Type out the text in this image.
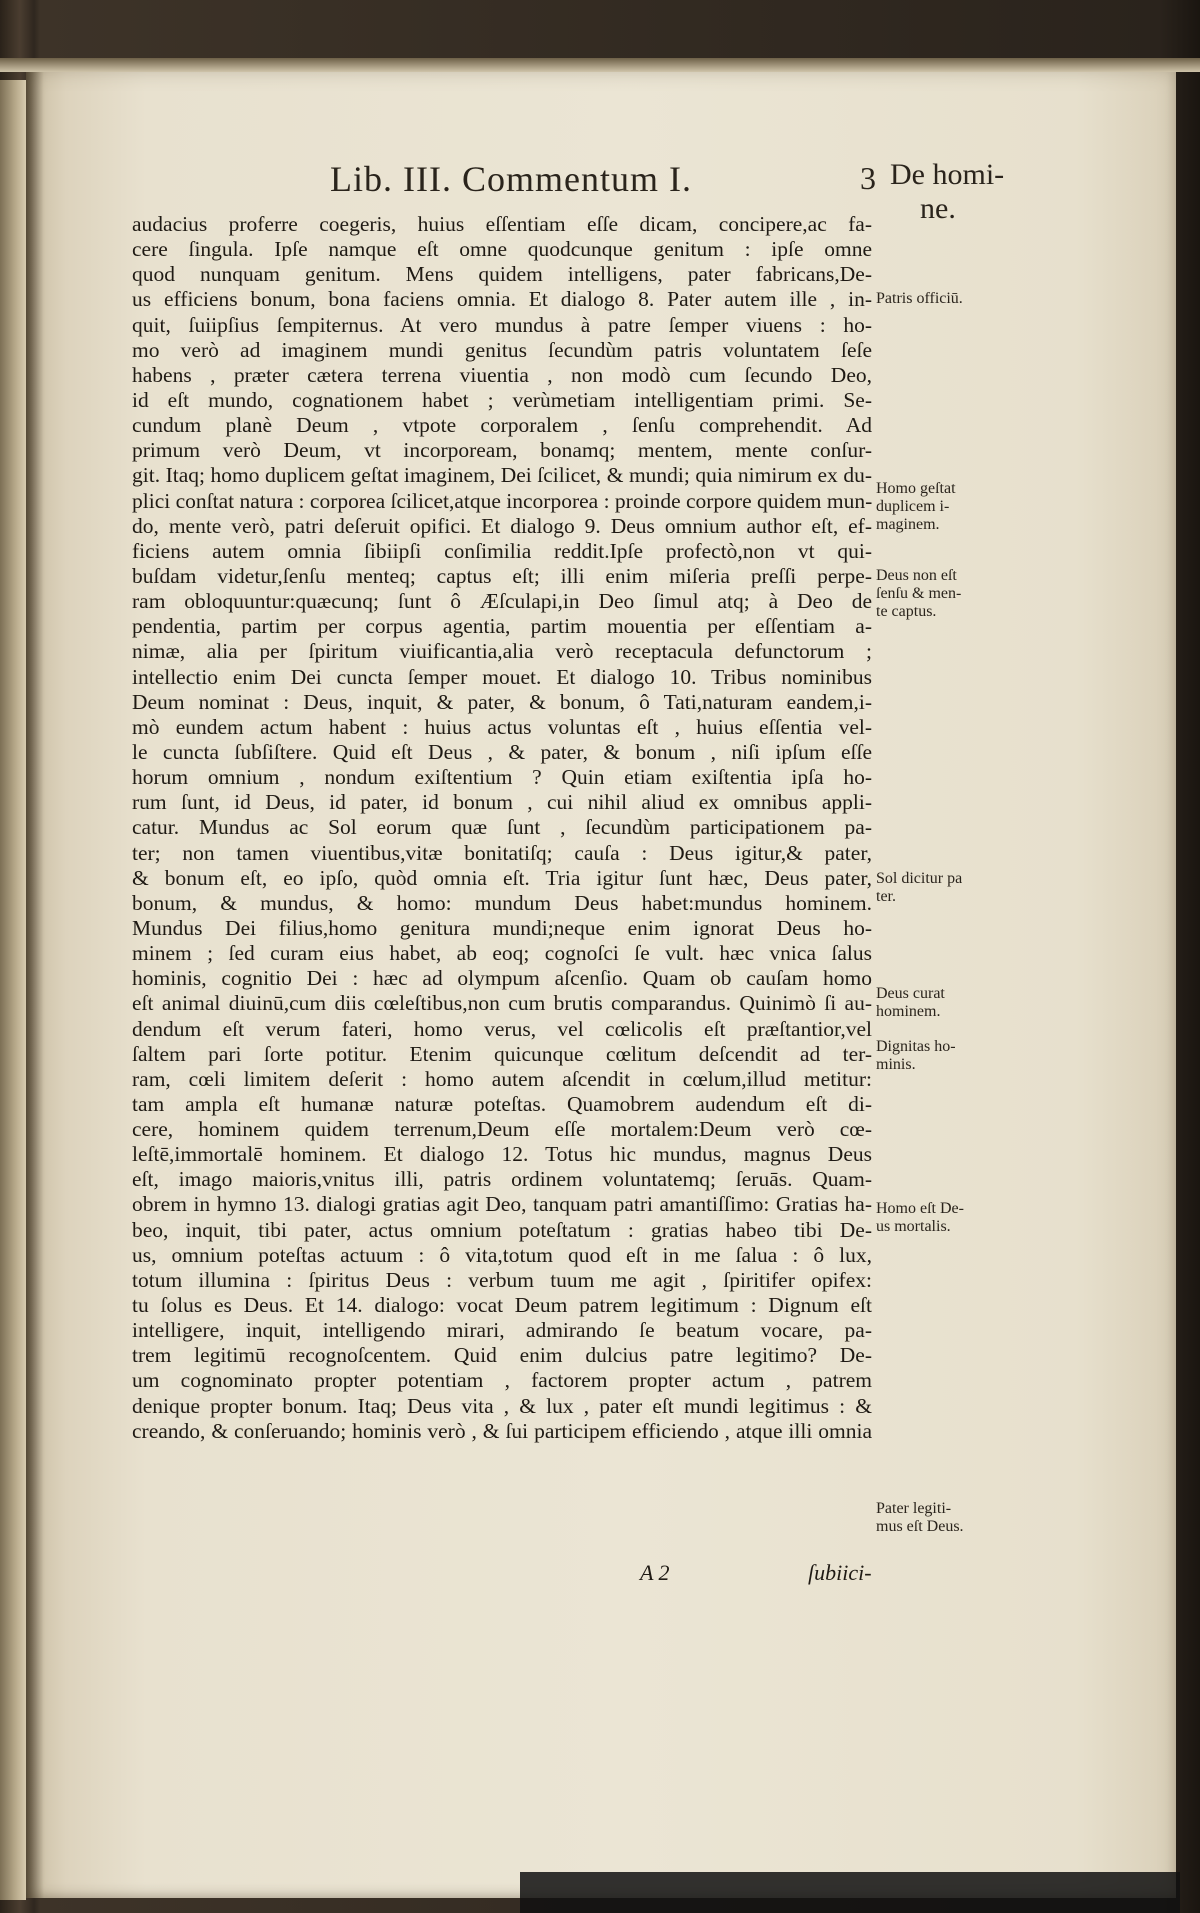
Lib. III. Commentum I.	3 De homi-
ne.
audacius proferre coegeris, huius eſſentiam eſſe dicam, concipere,ac fa-
cere ſingula. Ipſe namque eſt omne quodcunque genitum : ipſe omne
quod nunquam genitum. Mens quidem intelligens, pater fabricans,De-
us efficiens bonum, bona faciens omnia. Et dialogo 8. Pater autem ille , in-
quit, ſuiipſius ſempiternus. At vero mundus à patre ſemper viuens : ho-
mo verò ad imaginem mundi genitus ſecundùm patris voluntatem ſeſe
habens , præter cætera terrena viuentia , non modò cum ſecundo Deo,
id eſt mundo, cognationem habet ; verùmetiam intelligentiam primi. Se-
cundum planè Deum , vtpote corporalem , ſenſu comprehendit. Ad
primum verò Deum, vt incorpoream, bonamq; mentem, mente conſur-
git. Itaq; homo duplicem geſtat imaginem, Dei ſcilicet, & mundi; quia nimirum ex du-
plici conſtat natura : corporea ſcilicet,atque incorporea : proinde corpore quidem mun-
do, mente verò, patri deſeruit opifici. Et dialogo 9. Deus omnium author eſt, ef-
ficiens autem omnia ſibiipſi conſimilia reddit.Ipſe profectò,non vt qui-
buſdam videtur,ſenſu menteq; captus eſt; illi enim miſeria preſſi perpe-
ram obloquuntur:quæcunq; ſunt ô Æſculapi,in Deo ſimul atq; à Deo de
pendentia, partim per corpus agentia, partim mouentia per eſſentiam a-
nimæ, alia per ſpiritum viuificantia,alia verò receptacula defunctorum ;
intellectio enim Dei cuncta ſemper mouet. Et dialogo 10. Tribus nominibus
Deum nominat : Deus, inquit, & pater, & bonum, ô Tati,naturam eandem,i-
mò eundem actum habent : huius actus voluntas eſt , huius eſſentia vel-
le cuncta ſubſiſtere. Quid eſt Deus , & pater, & bonum , niſi ipſum eſſe
horum omnium , nondum exiſtentium ? Quin etiam exiſtentia ipſa ho-
rum ſunt, id Deus, id pater, id bonum , cui nihil aliud ex omnibus appli-
catur. Mundus ac Sol eorum quæ ſunt , ſecundùm participationem pa-
ter; non tamen viuentibus,vitæ bonitatiſq; cauſa : Deus igitur,& pater,
& bonum eſt, eo ipſo, quòd omnia eſt. Tria igitur ſunt hæc, Deus pater,
bonum, & mundus, & homo: mundum Deus habet:mundus hominem.
Mundus Dei filius,homo genitura mundi;neque enim ignorat Deus ho-
minem ; ſed curam eius habet, ab eoq; cognoſci ſe vult. hæc vnica ſalus
hominis, cognitio Dei : hæc ad olympum aſcenſio. Quam ob cauſam homo
eſt animal diuinū,cum diis cœleſtibus,non cum brutis comparandus. Quinimò ſi au-
dendum eſt verum fateri, homo verus, vel cœlicolis eſt præſtantior,vel
ſaltem pari ſorte potitur. Etenim quicunque cœlitum deſcendit ad ter-
ram, cœli limitem deſerit : homo autem aſcendit in cœlum,illud metitur:
tam ampla eſt humanæ naturæ poteſtas. Quamobrem audendum eſt di-
cere, hominem quidem terrenum,Deum eſſe mortalem:Deum verò cœ-
leſtē,immortalē hominem. Et dialogo 12. Totus hic mundus, magnus Deus
eſt, imago maioris,vnitus illi, patris ordinem voluntatemq; ſeruās. Quam-
obrem in hymno 13. dialogi gratias agit Deo, tanquam patri amantiſſimo: Gratias ha-
beo, inquit, tibi pater, actus omnium poteſtatum : gratias habeo tibi De-
us, omnium poteſtas actuum : ô vita,totum quod eſt in me ſalua : ô lux,
totum illumina : ſpiritus Deus : verbum tuum me agit , ſpiritifer opifex:
tu ſolus es Deus. Et 14. dialogo: vocat Deum patrem legitimum : Dignum eſt
intelligere, inquit, intelligendo mirari, admirando ſe beatum vocare, pa-
trem legitimū recognoſcentem. Quid enim dulcius patre legitimo? De-
um cognominato propter potentiam , factorem propter actum , patrem
denique propter bonum. Itaq; Deus vita , & lux , pater eſt mundi legitimus : &
creando, & conſeruando; hominis verò , & ſui participem efficiendo , atque illi omnia
Patris officiū.
Homo geſtat
duplicem i-
maginem.
Deus non eſt
ſenſu & men-
te captus.
Sol dicitur pa
ter.
Deus curat
hominem.
Dignitas ho-
minis.
Homo eſt De-
us mortalis.
Pater legiti-
mus eſt Deus.
A 2	ſubiici-
